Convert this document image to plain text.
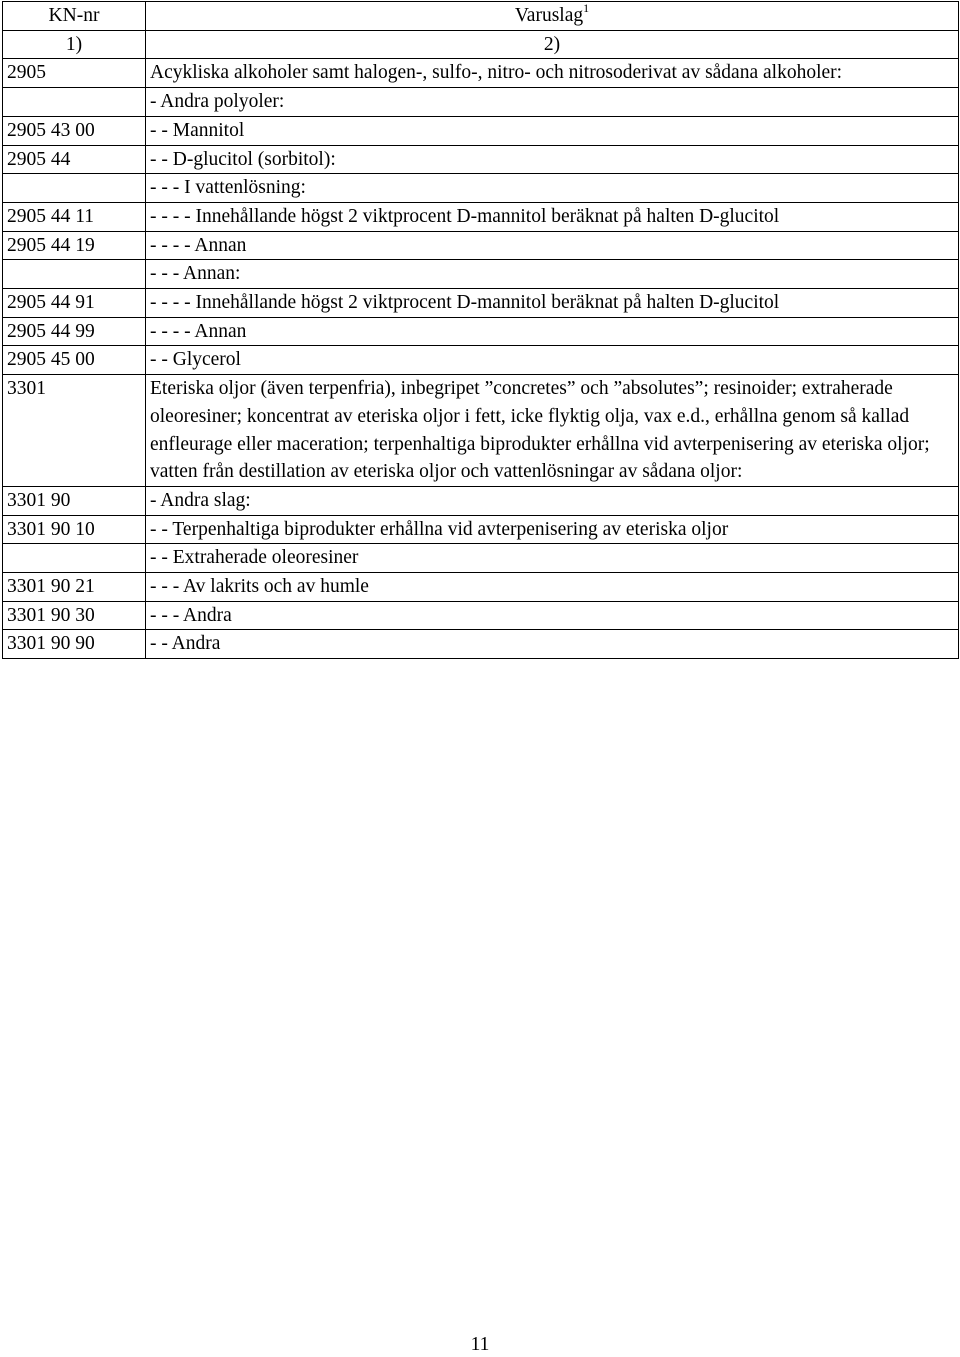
KN-nr	Varuslag$^1$
1)	2)
2905	Acykliska alkoholer samt halogen-, sulfo-, nitro- och nitrosoderivat av sådana alkoholer:
	- Andra polyoler:
2905 43 00	- - Mannitol
2905 44	- - D-glucitol (sorbitol):
	- - - I vattenlösning:
2905 44 11	- - - - Innehållande högst 2 viktprocent D-mannitol beräknat på halten D-glucitol
2905 44 19	- - - - Annan
	- - - Annan:
2905 44 91	- - - - Innehållande högst 2 viktprocent D-mannitol beräknat på halten D-glucitol
2905 44 99	- - - - Annan
2905 45 00	- - Glycerol
3301	Eteriska oljor (även terpenfria), inbegripet ”concretes” och ”absolutes”; resinoider; extraherade oleoresiner; koncentrat av eteriska oljor i fett, icke flyktig olja, vax e.d., erhållna genom så kallad enfleurage eller maceration; terpenhaltiga biprodukter erhållna vid avterpenisering av eteriska oljor; vatten från destillation av eteriska oljor och vattenlösningar av sådana oljor:
3301 90	- Andra slag:
3301 90 10	- - Terpenhaltiga biprodukter erhållna vid avterpenisering av eteriska oljor
	- - Extraherade oleoresiner
3301 90 21	- - - Av lakrits och av humle
3301 90 30	- - - Andra
3301 90 90	- - Andra
11
